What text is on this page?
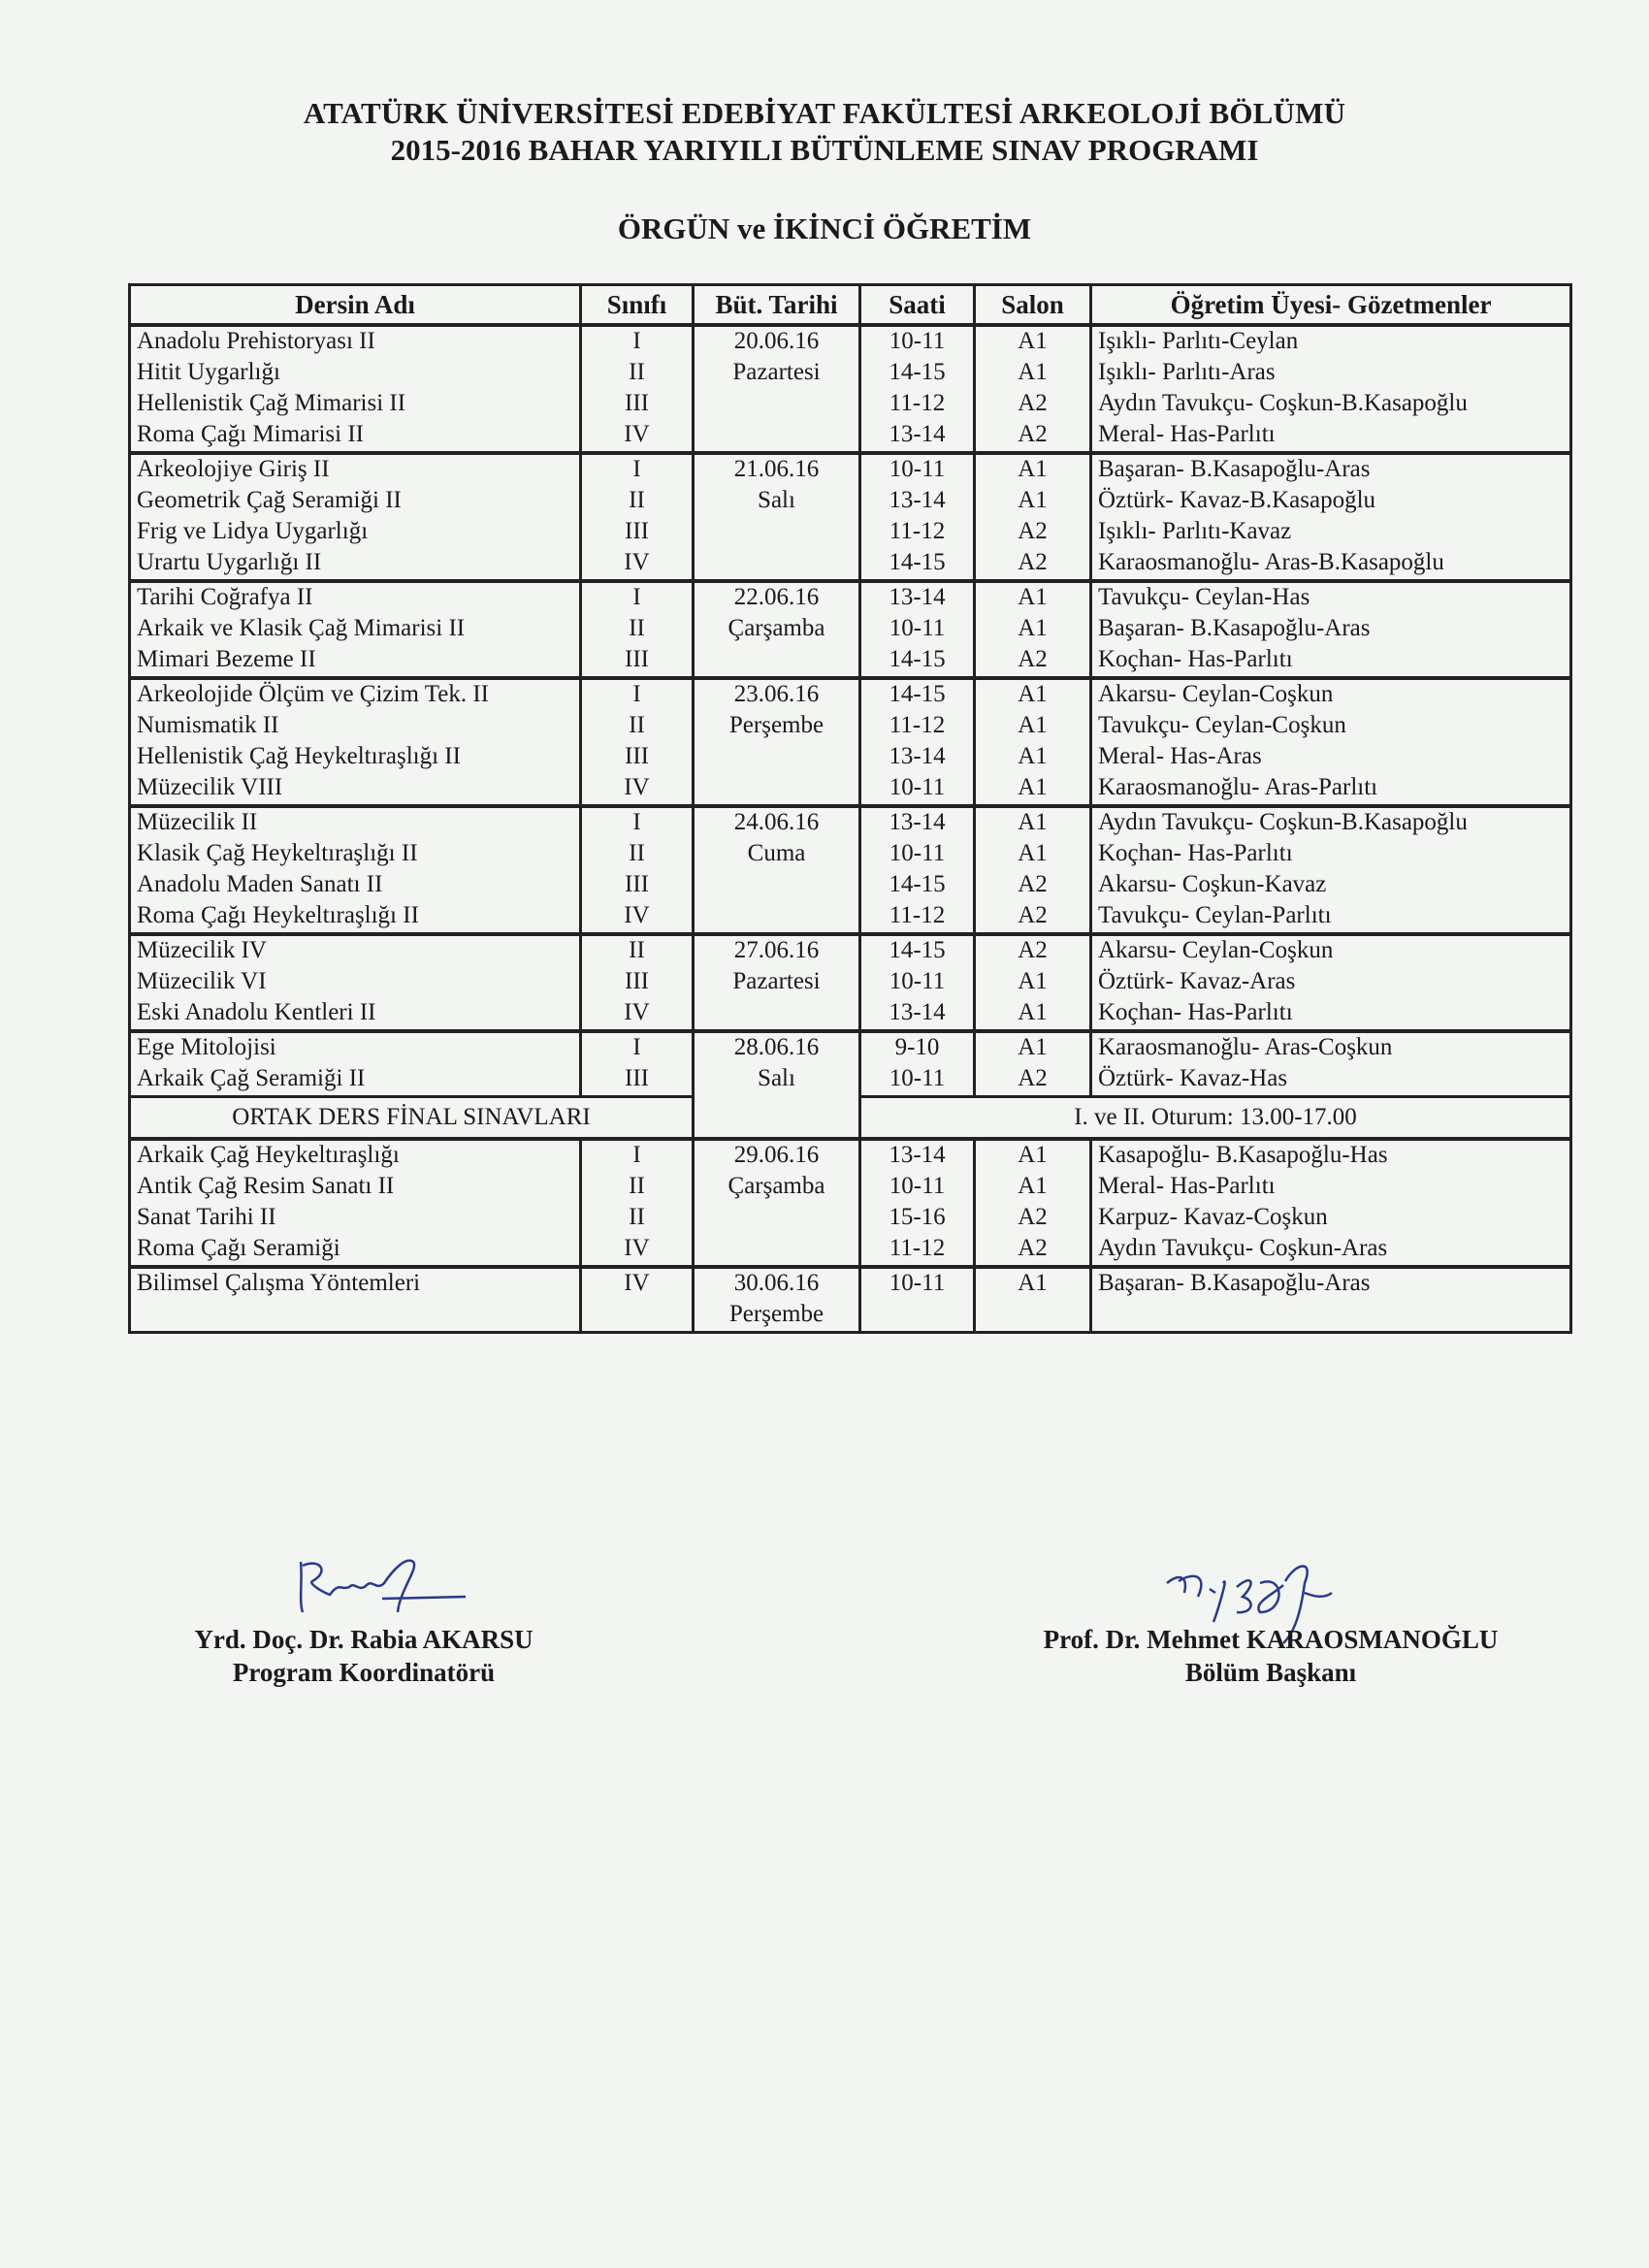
ATATÜRK ÜNİVERSİTESİ EDEBİYAT FAKÜLTESİ ARKEOLOJİ BÖLÜMÜ
2015-2016 BAHAR YARIYILI BÜTÜNLEME SINAV PROGRAMI
ÖRGÜN ve İKİNCİ ÖĞRETİM
Dersin Adı	Sınıfı	Büt. Tarihi	Saati	Salon	Öğretim Üyesi- Gözetmenler
Anadolu Prehistoryası II	I	20.06.16	10-11	A1	Işıklı- Parlıtı-Ceylan
Hitit Uygarlığı	II	Pazartesi	14-15	A1	Işıklı- Parlıtı-Aras
Hellenistik Çağ Mimarisi II	III		11-12	A2	Aydın Tavukçu- Coşkun-B.Kasapoğlu
Roma Çağı Mimarisi II	IV		13-14	A2	Meral- Has-Parlıtı
Arkeolojiye Giriş II	I	21.06.16	10-11	A1	Başaran- B.Kasapoğlu-Aras
Geometrik Çağ Seramiği II	II	Salı	13-14	A1	Öztürk- Kavaz-B.Kasapoğlu
Frig ve Lidya Uygarlığı	III		11-12	A2	Işıklı- Parlıtı-Kavaz
Urartu Uygarlığı II	IV		14-15	A2	Karaosmanoğlu- Aras-B.Kasapoğlu
Tarihi Coğrafya II	I	22.06.16	13-14	A1	Tavukçu- Ceylan-Has
Arkaik ve Klasik Çağ Mimarisi II	II	Çarşamba	10-11	A1	Başaran- B.Kasapoğlu-Aras
Mimari Bezeme II	III		14-15	A2	Koçhan- Has-Parlıtı
Arkeolojide Ölçüm ve Çizim Tek. II	I	23.06.16	14-15	A1	Akarsu- Ceylan-Coşkun
Numismatik II	II	Perşembe	11-12	A1	Tavukçu- Ceylan-Coşkun
Hellenistik Çağ Heykeltıraşlığı II	III		13-14	A1	Meral- Has-Aras
Müzecilik VIII	IV		10-11	A1	Karaosmanoğlu- Aras-Parlıtı
Müzecilik II	I	24.06.16	13-14	A1	Aydın Tavukçu- Coşkun-B.Kasapoğlu
Klasik Çağ Heykeltıraşlığı II	II	Cuma	10-11	A1	Koçhan- Has-Parlıtı
Anadolu Maden Sanatı II	III		14-15	A2	Akarsu- Coşkun-Kavaz
Roma Çağı Heykeltıraşlığı II	IV		11-12	A2	Tavukçu- Ceylan-Parlıtı
Müzecilik IV	II	27.06.16	14-15	A2	Akarsu- Ceylan-Coşkun
Müzecilik VI	III	Pazartesi	10-11	A1	Öztürk- Kavaz-Aras
Eski Anadolu Kentleri II	IV		13-14	A1	Koçhan- Has-Parlıtı
Ege Mitolojisi	I	28.06.16	9-10	A1	Karaosmanoğlu- Aras-Coşkun
Arkaik Çağ Seramiği II	III	Salı	10-11	A2	Öztürk- Kavaz-Has
ORTAK DERS FİNAL SINAVLARI			I. ve II. Oturum: 13.00-17.00		
Arkaik Çağ Heykeltıraşlığı	I	29.06.16	13-14	A1	Kasapoğlu- B.Kasapoğlu-Has
Antik Çağ Resim Sanatı II	II	Çarşamba	10-11	A1	Meral- Has-Parlıtı
Sanat Tarihi II	II		15-16	A2	Karpuz- Kavaz-Coşkun
Roma Çağı Seramiği	IV		11-12	A2	Aydın Tavukçu- Coşkun-Aras
Bilimsel Çalışma Yöntemleri	IV	30.06.16	10-11	A1	Başaran- B.Kasapoğlu-Aras
		Perşembe			
Yrd. Doç. Dr. Rabia AKARSU
Program Koordinatörü
Prof. Dr. Mehmet KARAOSMANOĞLU
Bölüm Başkanı
